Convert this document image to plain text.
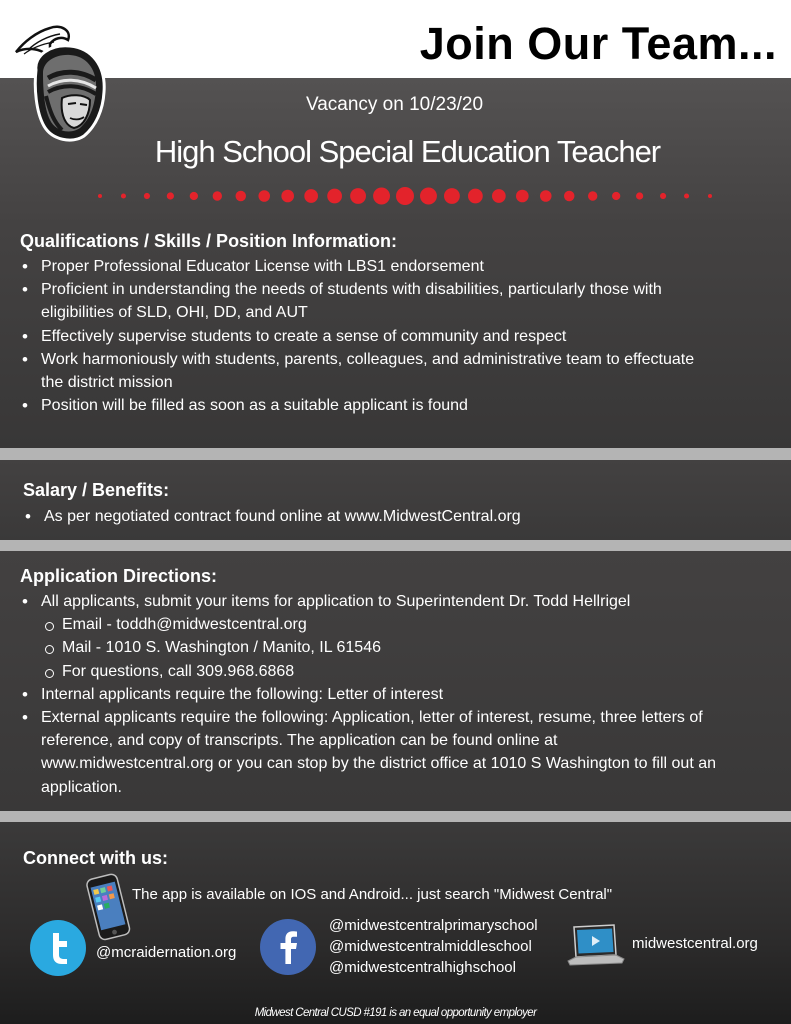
Join Our Team...
Vacancy on 10/23/20
High School Special Education Teacher
Qualifications / Skills / Position Information:
• Proper Professional Educator License with LBS1 endorsement
• Proficient in understanding the needs of students with disabilities, particularly those with eligibilities of SLD, OHI, DD, and AUT
• Effectively supervise students to create a sense of community and respect
• Work harmoniously with students, parents, colleagues, and administrative team to effectuate the district mission
• Position will be filled as soon as a suitable applicant is found
Salary / Benefits:
• As per negotiated contract found online at www.MidwestCentral.org
Application Directions:
• All applicants, submit your items for application to Superintendent Dr. Todd Hellrigel
Email - toddh@midwestcentral.org
Mail - 1010 S. Washington / Manito, IL 61546
For questions, call 309.968.6868
• Internal applicants require the following: Letter of interest
• External applicants require the following: Application, letter of interest, resume, three letters of reference, and copy of transcripts. The application can be found online at www.midwestcentral.org or you can stop by the district office at 1010 S Washington to fill out an application.
Connect with us:
The app is available on IOS and Android... just search "Midwest Central"
@mcraidernation.org
@midwestcentralprimaryschool
@midwestcentralmiddleschool
@midwestcentralhighschool
midwestcentral.org
Midwest Central CUSD #191 is an equal opportunity employer
